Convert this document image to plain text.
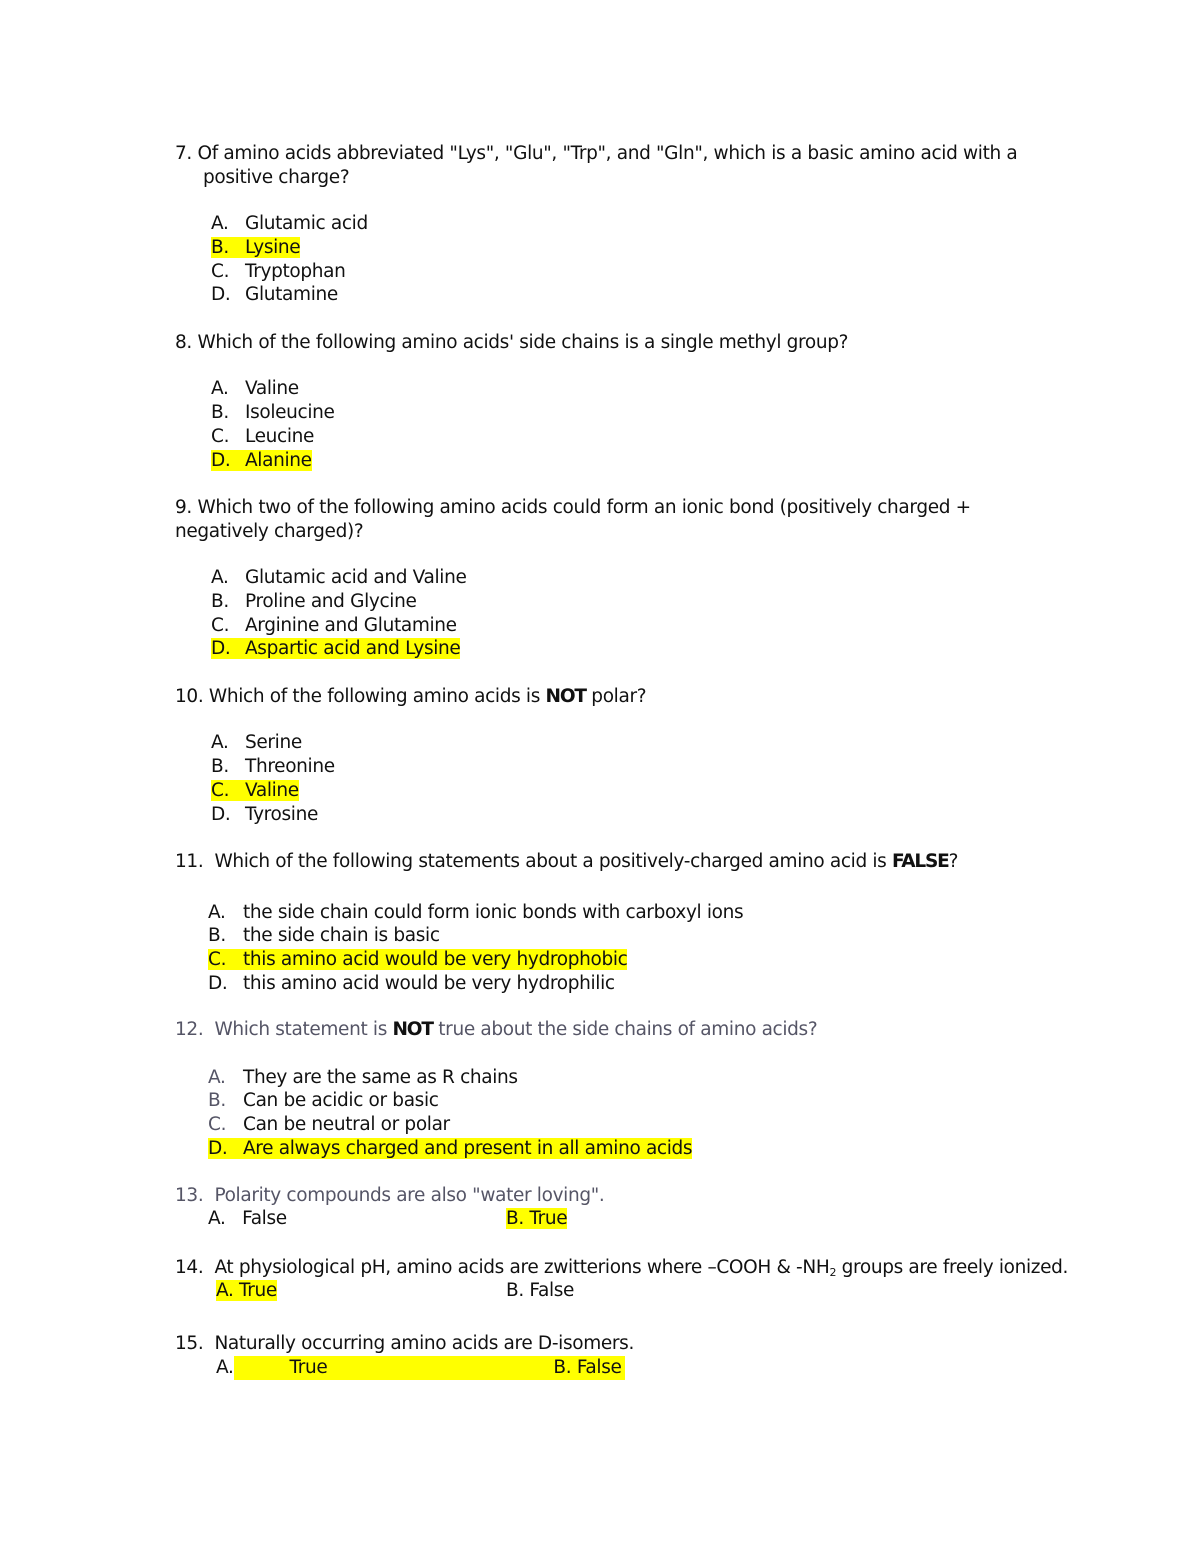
7. Of amino acids abbreviated "Lys", "Glu", "Trp", and "Gln", which is a basic amino acid with a
positive charge?
A. Glutamic acid
B. Lysine
C. Tryptophan
D. Glutamine
8. Which of the following amino acids' side chains is a single methyl group?
A. Valine
B. Isoleucine
C. Leucine
D. Alanine
9. Which two of the following amino acids could form an ionic bond (positively charged +
negatively charged)?
A. Glutamic acid and Valine
B. Proline and Glycine
C. Arginine and Glutamine
D. Aspartic acid and Lysine
10. Which of the following amino acids is NOT polar?
A. Serine
B. Threonine
C. Valine
D. Tyrosine
11. Which of the following statements about a positively-charged amino acid is FALSE?
A. the side chain could form ionic bonds with carboxyl ions
B. the side chain is basic
C. this amino acid would be very hydrophobic
D. this amino acid would be very hydrophilic
12. Which statement is NOT true about the side chains of amino acids?
A. They are the same as R chains
B. Can be acidic or basic
C. Can be neutral or polar
D. Are always charged and present in all amino acids
13. Polarity compounds are also "water loving".
A.   False	B. True
14. At physiological pH, amino acids are zwitterions where –COOH & $-NH_2$ groups are freely ionized.
A. True	B. False
15. Naturally occurring amino acids are D-isomers.
A.	True	B. False
